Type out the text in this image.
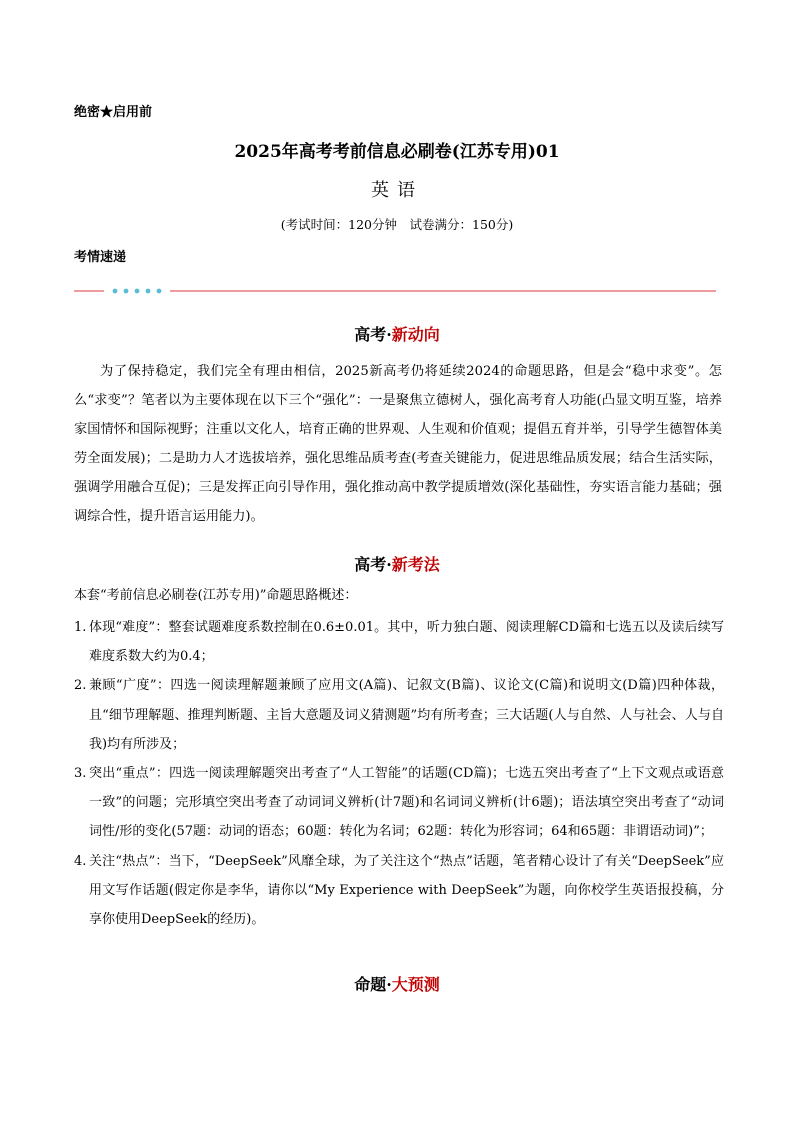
绝密★启用前
2025年高考考前信息必刷卷(江苏专用)01
英语
(考试时间：120分钟　试卷满分：150分)
考情速递
高考·新动向

为了保持稳定，我们完全有理由相信，2025新高考仍将延续2024的命题思路，但是会“稳中求变”。怎么“求变”？笔者以为主要体现在以下三个“强化”：一是聚焦立德树人，强化高考育人功能(凸显文明互鉴，培养家国情怀和国际视野；注重以文化人，培育正确的世界观、人生观和价值观；提倡五育并举，引导学生德智体美劳全面发展)；二是助力人才选拔培养，强化思维品质考查(考查关键能力，促进思维品质发展；结合生活实际，强调学用融合互促)；三是发挥正向引导作用，强化推动高中教学提质增效(深化基础性，夯实语言能力基础；强调综合性，提升语言运用能力)。

高考·新考法

本套“考前信息必刷卷(江苏专用)”命题思路概述：

1. 体现“难度”：整套试题难度系数控制在0.6±0.01。其中，听力独白题、阅读理解CD篇和七选五以及读后续写难度系数大约为0.4；
2. 兼顾“广度”：四选一阅读理解题兼顾了应用文(A篇)、记叙文(B篇)、议论文(C篇)和说明文(D篇)四种体裁，且“细节理解题、推理判断题、主旨大意题及词义猜测题”均有所考查；三大话题(人与自然、人与社会、人与自我)均有所涉及；
3. 突出“重点”：四选一阅读理解题突出考查了“人工智能”的话题(CD篇)；七选五突出考查了“上下文观点或语意一致”的问题；完形填空突出考查了动词词义辨析(计7题)和名词词义辨析(计6题)；语法填空突出考查了“动词词性/形的变化(57题：动词的语态；60题：转化为名词；62题：转化为形容词；64和65题：非谓语动词)”；
4. 关注“热点”：当下，“DeepSeek”风靡全球，为了关注这个“热点”话题，笔者精心设计了有关“DeepSeek”应用文写作话题(假定你是李华，请你以“My Experience with DeepSeek”为题，向你校学生英语报投稿，分享你使用DeepSeek的经历)。
命题·大预测
